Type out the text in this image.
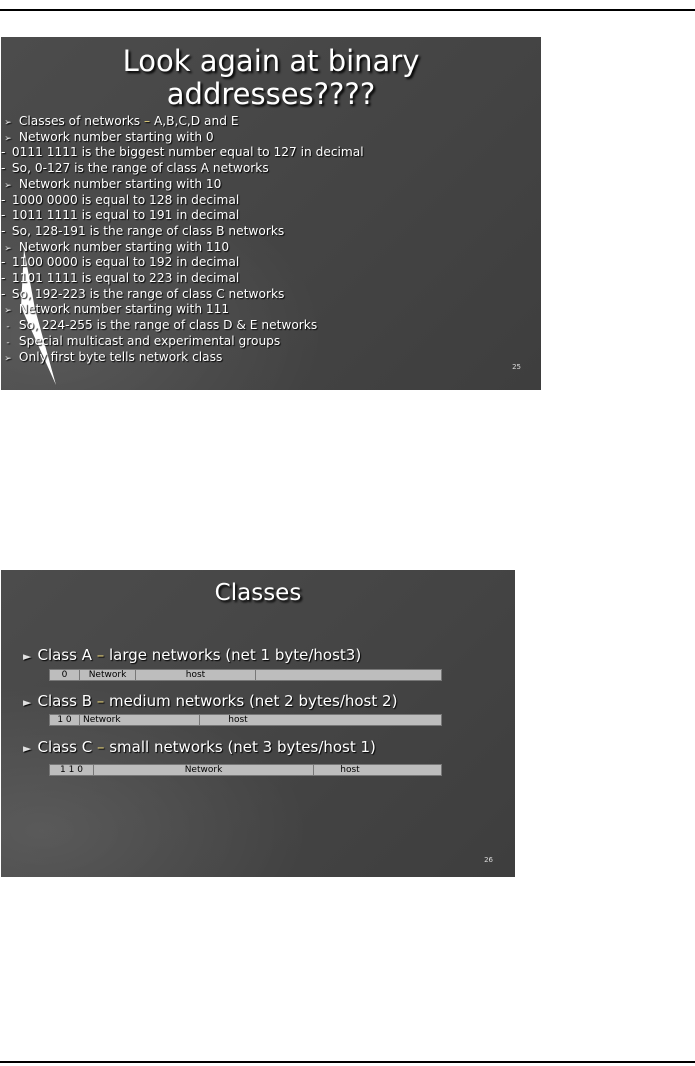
Look again at binary
addresses????
➢ Classes of networks – A,B,C,D and E
➢ Network number starting with 0
- 0111 1111 is the biggest number equal to 127 in decimal
- So, 0-127 is the range of class A networks
➢ Network number starting with 10
- 1000 0000 is equal to 128 in decimal
- 1011 1111 is equal to 191 in decimal
- So, 128-191 is the range of class B networks
➢ Network number starting with 110
- 1100 0000 is equal to 192 in decimal
- 1101 1111 is equal to 223 in decimal
- So, 192-223 is the range of class C networks
➢ Network number starting with 111
- So, 224-255 is the range of class D & E networks
- Special multicast and experimental groups
➢ Only first byte tells network class
25
Classes
► Class A – large networks (net 1 byte/host3)
0	Network	host
► Class B – medium networks (net 2 bytes/host 2)
1 0	Network	host
► Class C – small networks (net 3 bytes/host 1)
1 1 0	Network	host
26
